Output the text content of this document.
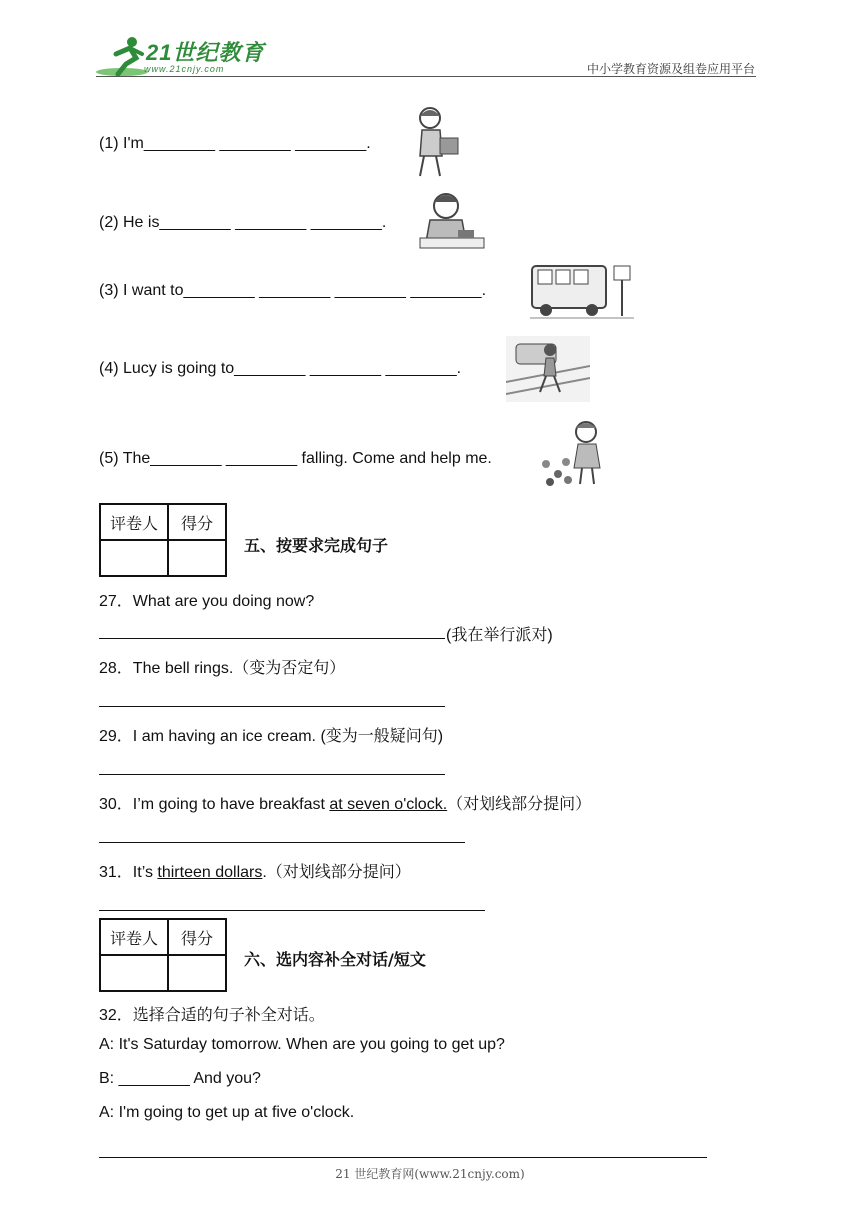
21世纪教育
www.21cnjy.com	中小学教育资源及组卷应用平台
(1) I'm________ ________ ________.
(2) He is________ ________ ________.
(3) I want to________ ________ ________ ________.
(4) Lucy is going to________ ________ ________.
(5) The________ ________ falling. Come and help me.
评卷人	得分

五、按要求完成句子
27．What are you doing now?
(我在举行派对)
28．The bell rings.（变为否定句）
29．I am having an ice cream. (变为一般疑问句)
30．I’m going to have breakfast at seven o'clock.（对划线部分提问）
31．It’s thirteen dollars.（对划线部分提问）
评卷人	得分

六、选内容补全对话/短文
32．选择合适的句子补全对话。
A: It's Saturday tomorrow. When are you going to get up?
B: ________ And you?
A: I'm going to get up at five o'clock.
21 世纪教育网(www.21cnjy.com)
